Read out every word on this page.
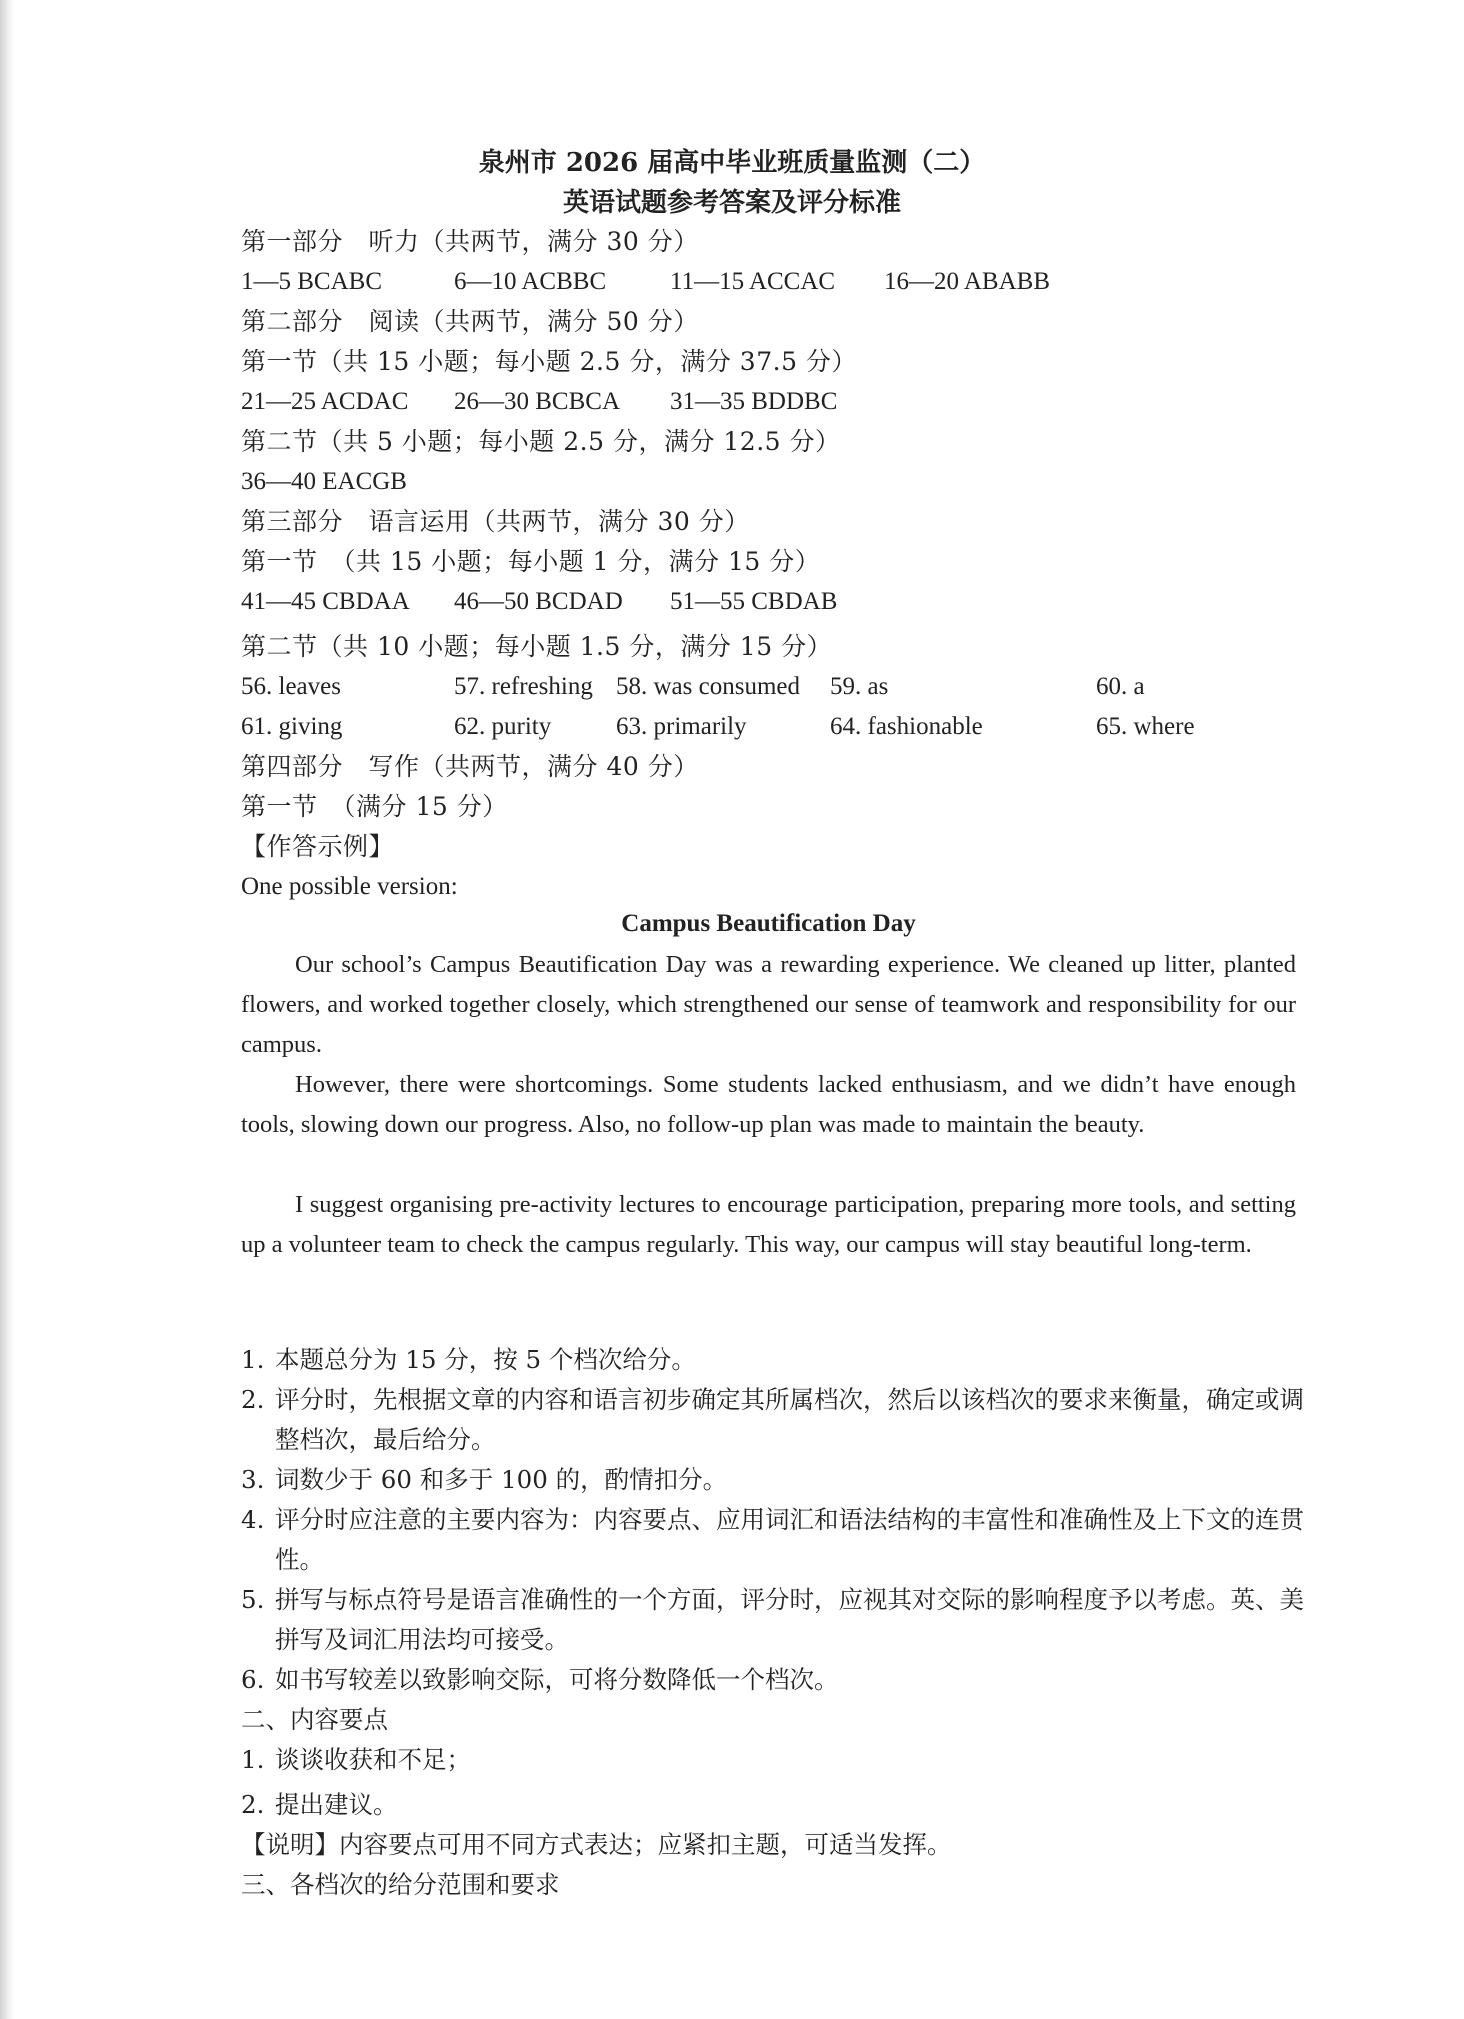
泉州市 2026 届高中毕业班质量监测（二）
英语试题参考答案及评分标准
第一部分　听力（共两节，满分 30 分）
1—5 BCABC	6—10 ACBBC	11—15 ACCAC 16—20 ABABB
第二部分　阅读（共两节，满分 50 分）
第一节（共 15 小题；每小题 2.5 分，满分 37.5 分）
21—25 ACDAC 26—30 BCBCA 31—35 BDDBC
第二节（共 5 小题；每小题 2.5 分，满分 12.5 分）
36—40 EACGB
第三部分　语言运用（共两节，满分 30 分）
第一节　（共 15 小题；每小题 1 分，满分 15 分）
41—45 CBDAA 46—50 BCDAD 51—55 CBDAB
第二节（共 10 小题；每小题 1.5 分，满分 15 分）
56. leaves	57. refreshing 58. was consumed 59. as	60. a
61. giving	62. purity	63. primarily	64. fashionable	65. where
第四部分　写作（共两节，满分 40 分）
第一节　（满分 15 分）
【作答示例】
One possible version:
Campus Beautification Day
Our school’s Campus Beautification Day was a rewarding experience. We cleaned up litter, planted flowers, and worked together closely, which strengthened our sense of teamwork and responsibility for our campus.
However, there were shortcomings. Some students lacked enthusiasm, and we didn’t have enough tools, slowing down our progress. Also, no follow-up plan was made to maintain the beauty.
I suggest organising pre-activity lectures to encourage participation, preparing more tools, and setting up a volunteer team to check the campus regularly. This way, our campus will stay beautiful long-term.
1. 本题总分为 15 分，按 5 个档次给分。
2. 评分时，先根据文章的内容和语言初步确定其所属档次，然后以该档次的要求来衡量，确定或调整档次，最后给分。
3. 词数少于 60 和多于 100 的，酌情扣分。
4. 评分时应注意的主要内容为：内容要点、应用词汇和语法结构的丰富性和准确性及上下文的连贯性。
5. 拼写与标点符号是语言准确性的一个方面，评分时，应视其对交际的影响程度予以考虑。英、美拼写及词汇用法均可接受。
6. 如书写较差以致影响交际，可将分数降低一个档次。
二、内容要点
1. 谈谈收获和不足；
2. 提出建议。
【说明】内容要点可用不同方式表达；应紧扣主题，可适当发挥。
三、各档次的给分范围和要求
